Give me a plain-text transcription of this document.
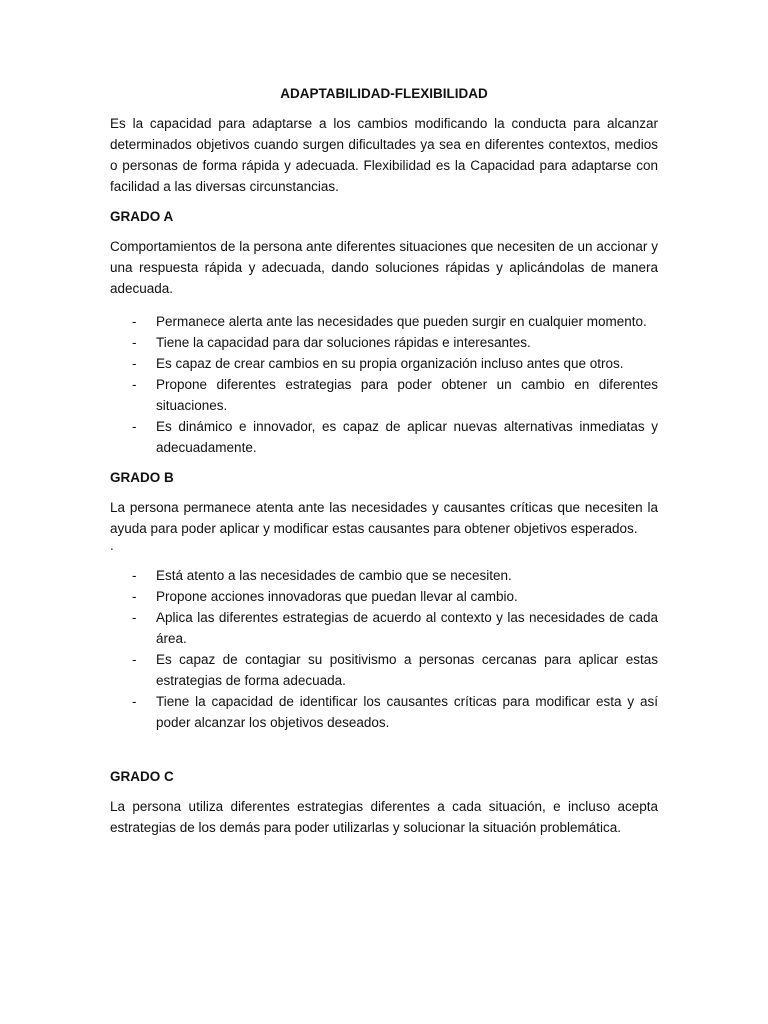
ADAPTABILIDAD-FLEXIBILIDAD

Es la capacidad para adaptarse a los cambios modificando la conducta para alcanzar determinados objetivos cuando surgen dificultades ya sea en diferentes contextos, medios o personas de forma rápida y adecuada. Flexibilidad es la Capacidad para adaptarse con facilidad a las diversas circunstancias.

GRADO A

Comportamientos de la persona ante diferentes situaciones que necesiten de un accionar y una respuesta rápida y adecuada, dando soluciones rápidas y aplicándolas de manera adecuada.

- Permanece alerta ante las necesidades que pueden surgir en cualquier momento.
- Tiene la capacidad para dar soluciones rápidas e interesantes.
- Es capaz de crear cambios en su propia organización incluso antes que otros.
- Propone diferentes estrategias para poder obtener un cambio en diferentes situaciones.
- Es dinámico e innovador, es capaz de aplicar nuevas alternativas inmediatas y adecuadamente.
GRADO B

La persona permanece atenta ante las necesidades y causantes críticas que necesiten la ayuda para poder aplicar y modificar estas causantes para obtener objetivos esperados.

.
- Está atento a las necesidades de cambio que se necesiten.
- Propone acciones innovadoras que puedan llevar al cambio.
- Aplica las diferentes estrategias de acuerdo al contexto y las necesidades de cada área.
- Es capaz de contagiar su positivismo a personas cercanas para aplicar estas estrategias de forma adecuada.
- Tiene la capacidad de identificar los causantes críticas para modificar esta y así poder alcanzar los objetivos deseados.
GRADO C

La persona utiliza diferentes estrategias diferentes a cada situación, e incluso acepta estrategias de los demás para poder utilizarlas y solucionar la situación problemática.
